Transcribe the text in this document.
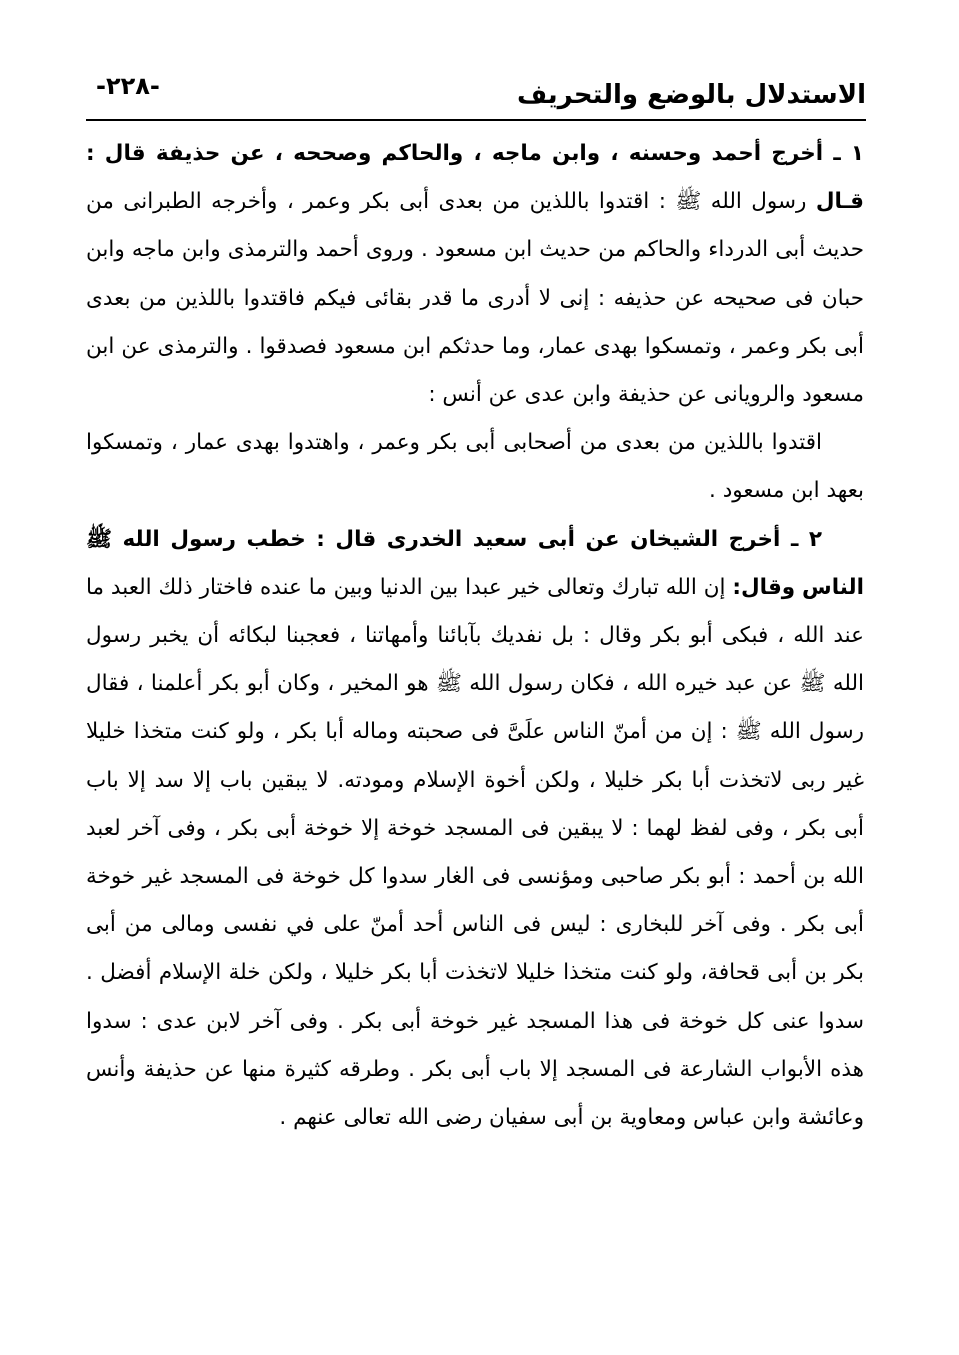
الاستدلال بالوضع والتحريف
-٢٢٨-

١ ـ أخرج أحمد وحسنه ، وابن ماجه ، والحاكم وصححه ، عن حذيفة قال : قـال رسول الله ﷺ : اقتدوا باللذين من بعدى أبى بكر وعمر ، وأخرجه الطبرانى من حديث أبى الدرداء والحاكم من حديث ابن مسعود . وروى أحمد والترمذى وابن ماجه وابن حبان فى صحيحه عن حذيفه : إنى لا أدرى ما قدر بقائى فيكم فاقتدوا باللذين من بعدى أبى بكر وعمر ، وتمسكوا بهدى عمار، وما حدثكم ابن مسعود فصدقوا . والترمذى عن ابن مسعود والرويانى عن حذيفة وابن عدى عن أنس :

اقتدوا باللذين من بعدى من أصحابى أبى بكر وعمر ، واهتدوا بهدى عمار ، وتمسكوا بعهد ابن مسعود .

٢ ـ أخرج الشيخان عن أبى سعيد الخدرى قال : خطب رسول الله ﷺ الناس وقال: إن الله تبارك وتعالى خير عبدا بين الدنيا وبين ما عنده فاختار ذلك العبد ما عند الله ، فبكى أبو بكر وقال : بل نفديك بآبائنا وأمهاتنا ، فعجبنا لبكائه أن يخبر رسول الله ﷺ عن عبد خيره الله ، فكان رسول الله ﷺ هو المخير ، وكان أبو بكر أعلمنا ، فقال رسول الله ﷺ : إن من أمنّ الناس علَىَّ فى صحبته وماله أبا بكر ، ولو كنت متخذا خليلا غير ربى لاتخذت أبا بكر خليلا ، ولكن أخوة الإسلام ومودته. لا يبقين باب إلا سد إلا باب أبى بكر ، وفى لفظ لهما : لا يبقين فى المسجد خوخة إلا خوخة أبى بكر ، وفى آخر لعبد الله بن أحمد : أبو بكر صاحبى ومؤنسى فى الغار سدوا كل خوخة فى المسجد غير خوخة أبى بكر . وفى آخر للبخارى : ليس فى الناس أحد أمنّ على في نفسى ومالى من أبى بكر بن أبى قحافة، ولو كنت متخذا خليلا لاتخذت أبا بكر خليلا ، ولكن خلة الإسلام أفضل . سدوا عنى كل خوخة فى هذا المسجد غير خوخة أبى بكر . وفى آخر لابن عدى : سدوا هذه الأبواب الشارعة فى المسجد إلا باب أبى بكر . وطرقه كثيرة منها عن حذيفة وأنس وعائشة وابن عباس ومعاوية بن أبى سفيان رضى الله تعالى عنهم .
